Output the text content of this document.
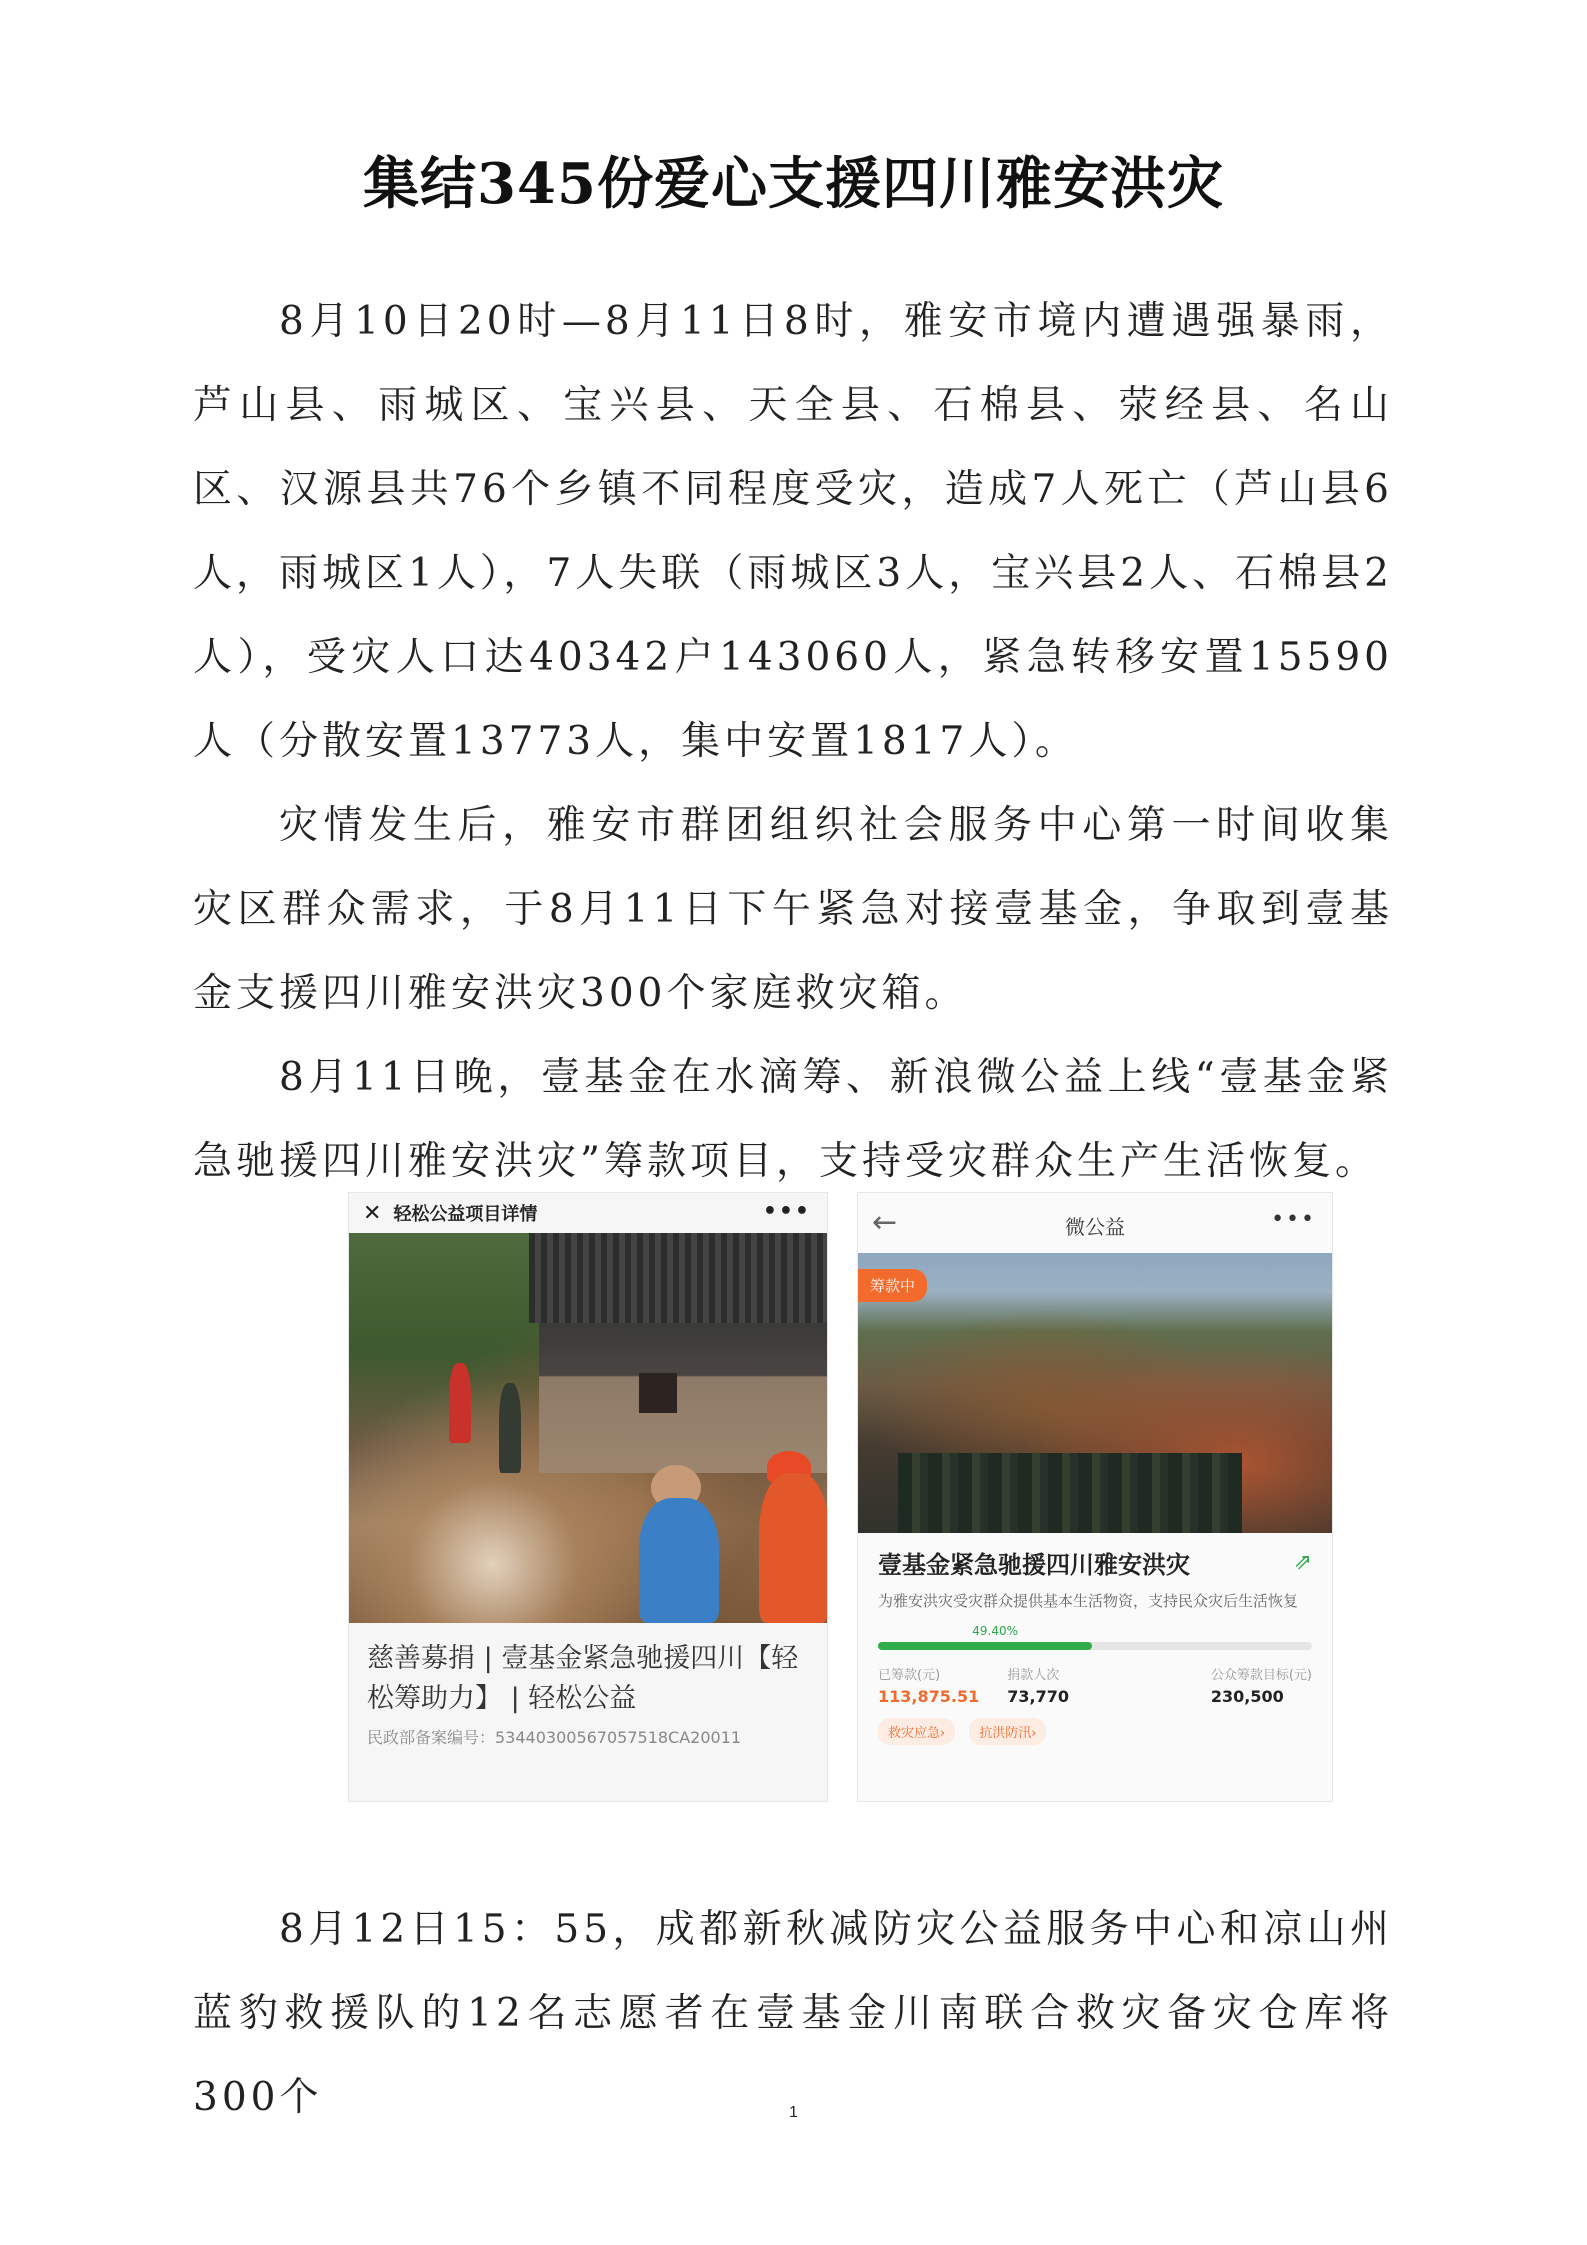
集结345份爱心支援四川雅安洪灾

8月10日20时—8月11日8时，雅安市境内遭遇强暴雨，芦山县、雨城区、宝兴县、天全县、石棉县、荥经县、名山区、汉源县共76个乡镇不同程度受灾，造成7人死亡（芦山县6人，雨城区1人），7人失联（雨城区3人，宝兴县2人、石棉县2人），受灾人口达40342户143060人，紧急转移安置15590人（分散安置13773人，集中安置1817人）。

灾情发生后，雅安市群团组织社会服务中心第一时间收集灾区群众需求，于8月11日下午紧急对接壹基金，争取到壹基金支援四川雅安洪灾300个家庭救灾箱。

8月11日晚，壹基金在水滴筹、新浪微公益上线“壹基金紧急驰援四川雅安洪灾”筹款项目，支持受灾群众生产生活恢复。

✕ 轻松公益项目详情	•••
慈善募捐 | 壹基金紧急驰援四川【轻松筹助力】 | 轻松公益
民政部备案编号：53440300567057518CA20011
←	微公益	•••
筹款中
壹基金紧急驰援四川雅安洪灾	⇗
为雅安洪灾受灾群众提供基本生活物资，支持民众灾后生活恢复
49.40%
已筹款(元)
113,875.51
捐款人次
73,770
公众筹款目标(元)
230,500
救灾应急›	抗洪防汛›

8月12日15：55，成都新秋减防灾公益服务中心和凉山州蓝豹救援队的12名志愿者在壹基金川南联合救灾备灾仓库将300个	1
